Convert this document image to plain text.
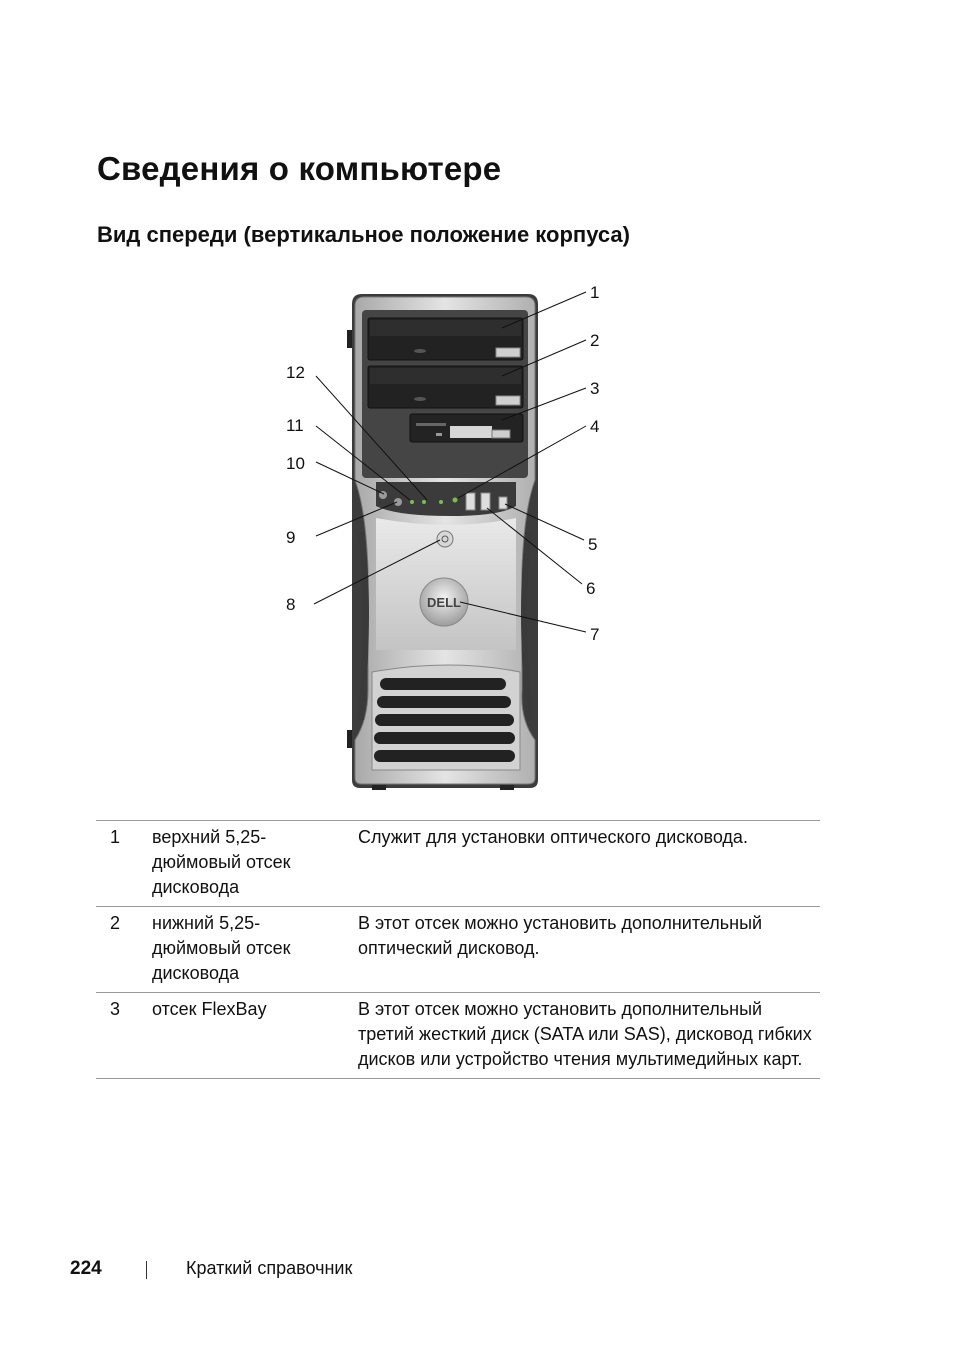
Сведения о компьютере
Вид спереди (вертикальное положение корпуса)
DELL
1
2
3
4
5
6
7
8
9
10
11
12
1	верхний 5,25-дюймовый отсек дисковода	Служит для установки оптического дисковода.
2	нижний 5,25-дюймовый отсек дисковода	В этот отсек можно установить дополнительный оптический дисковод.
3	отсек FlexBay	В этот отсек можно установить дополнительный третий жесткий диск (SATA или SAS), дисковод гибких дисков или устройство чтения мультимедийных карт.
224	Краткий справочник
